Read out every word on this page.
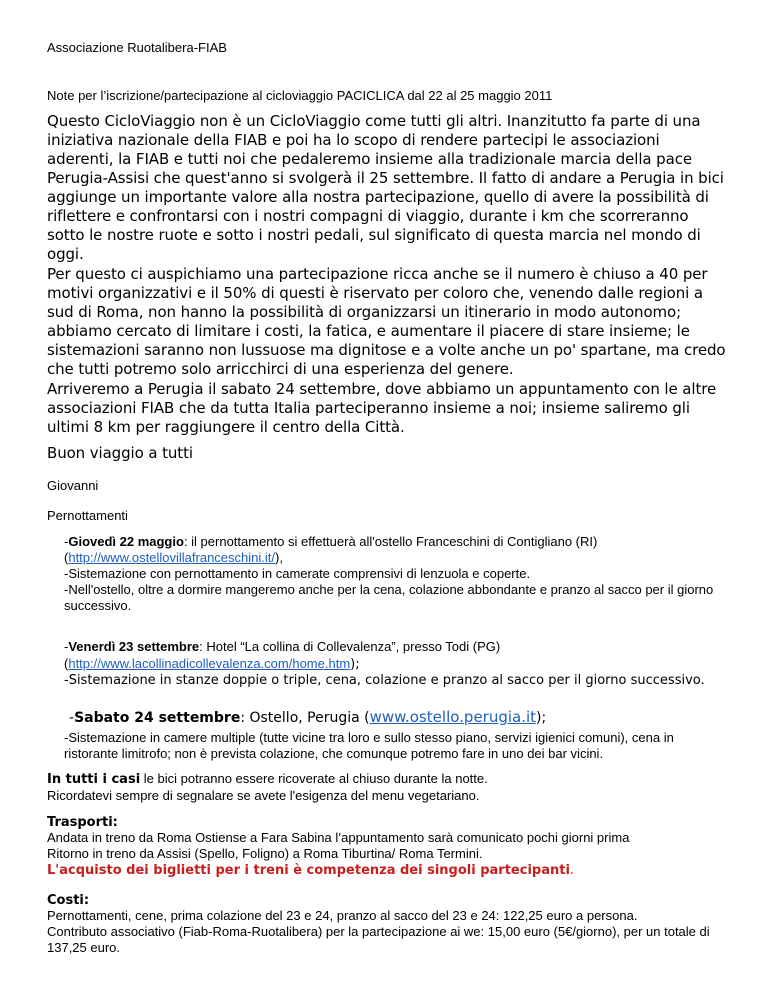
Associazione Ruotalibera-FIAB
Note per l’iscrizione/partecipazione al cicloviaggio PACICLICA dal 22 al 25 maggio 2011
Questo CicloViaggio non è un CicloViaggio come tutti gli altri. Inanzitutto fa parte di una iniziativa nazionale della FIAB e poi ha lo scopo di rendere partecipi le associazioni aderenti, la FIAB e tutti noi che pedaleremo insieme alla tradizionale marcia della pace Perugia-Assisi che quest'anno si svolgerà il 25 settembre. Il fatto di andare a Perugia in bici aggiunge un importante valore alla nostra partecipazione, quello di avere la possibilità di riflettere e confrontarsi con i nostri compagni di viaggio, durante i km che scorreranno sotto le nostre ruote e sotto i nostri pedali, sul significato di questa marcia nel mondo di oggi.
Per questo ci auspichiamo una partecipazione ricca anche se il numero è chiuso a 40 per motivi organizzativi e il 50% di questi è riservato per coloro che, venendo dalle regioni a sud di Roma, non hanno la possibilità di organizzarsi un itinerario in modo autonomo; abbiamo cercato di limitare i costi, la fatica, e aumentare il piacere di stare insieme; le sistemazioni saranno non lussuose ma dignitose e a volte anche un po' spartane, ma credo che tutti potremo solo arricchirci di una esperienza del genere.
Arriveremo a Perugia il sabato 24 settembre, dove abbiamo un appuntamento con le altre associazioni FIAB che da tutta Italia parteciperanno insieme a noi; insieme saliremo gli ultimi 8 km per raggiungere il centro della Città.
Buon viaggio a tutti
Giovanni
Pernottamenti
-Giovedì 22 maggio: il pernottamento si effettuerà all'ostello Franceschini di Contigliano (RI)
(http://www.ostellovillafranceschini.it/),
-Sistemazione con pernottamento in camerate comprensivi di lenzuola e coperte.
-Nell'ostello, oltre a dormire mangeremo anche per la cena, colazione abbondante e pranzo al sacco per il giorno successivo.
-Venerdì 23 settembre: Hotel “La collina di Collevalenza”, presso Todi (PG)
(http://www.lacollinadicollevalenza.com/home.htm);
-Sistemazione in stanze doppie o triple, cena, colazione e pranzo al sacco per il giorno successivo.
-Sabato 24 settembre: Ostello, Perugia (www.ostello.perugia.it);
-Sistemazione in camere multiple (tutte vicine tra loro e sullo stesso piano, servizi igienici comuni), cena in ristorante limitrofo; non è prevista colazione, che comunque potremo fare in uno dei bar vicini.
In tutti i casi le bici potranno essere ricoverate al chiuso durante la notte.
Ricordatevi sempre di segnalare se avete l'esigenza del menu vegetariano.
Trasporti:
Andata in treno da Roma Ostiense a Fara Sabina l’appuntamento sarà comunicato pochi giorni prima
Ritorno in treno da Assisi (Spello, Foligno) a Roma Tiburtina/ Roma Termini.
L'acquisto dei biglietti per i treni è competenza dei singoli partecipanti.
Costi:
Pernottamenti, cene, prima colazione del 23 e 24, pranzo al sacco del 23 e 24: 122,25 euro a persona.
Contributo associativo (Fiab-Roma-Ruotalibera) per la partecipazione ai we: 15,00 euro (5€/giorno), per un totale di 137,25 euro.
